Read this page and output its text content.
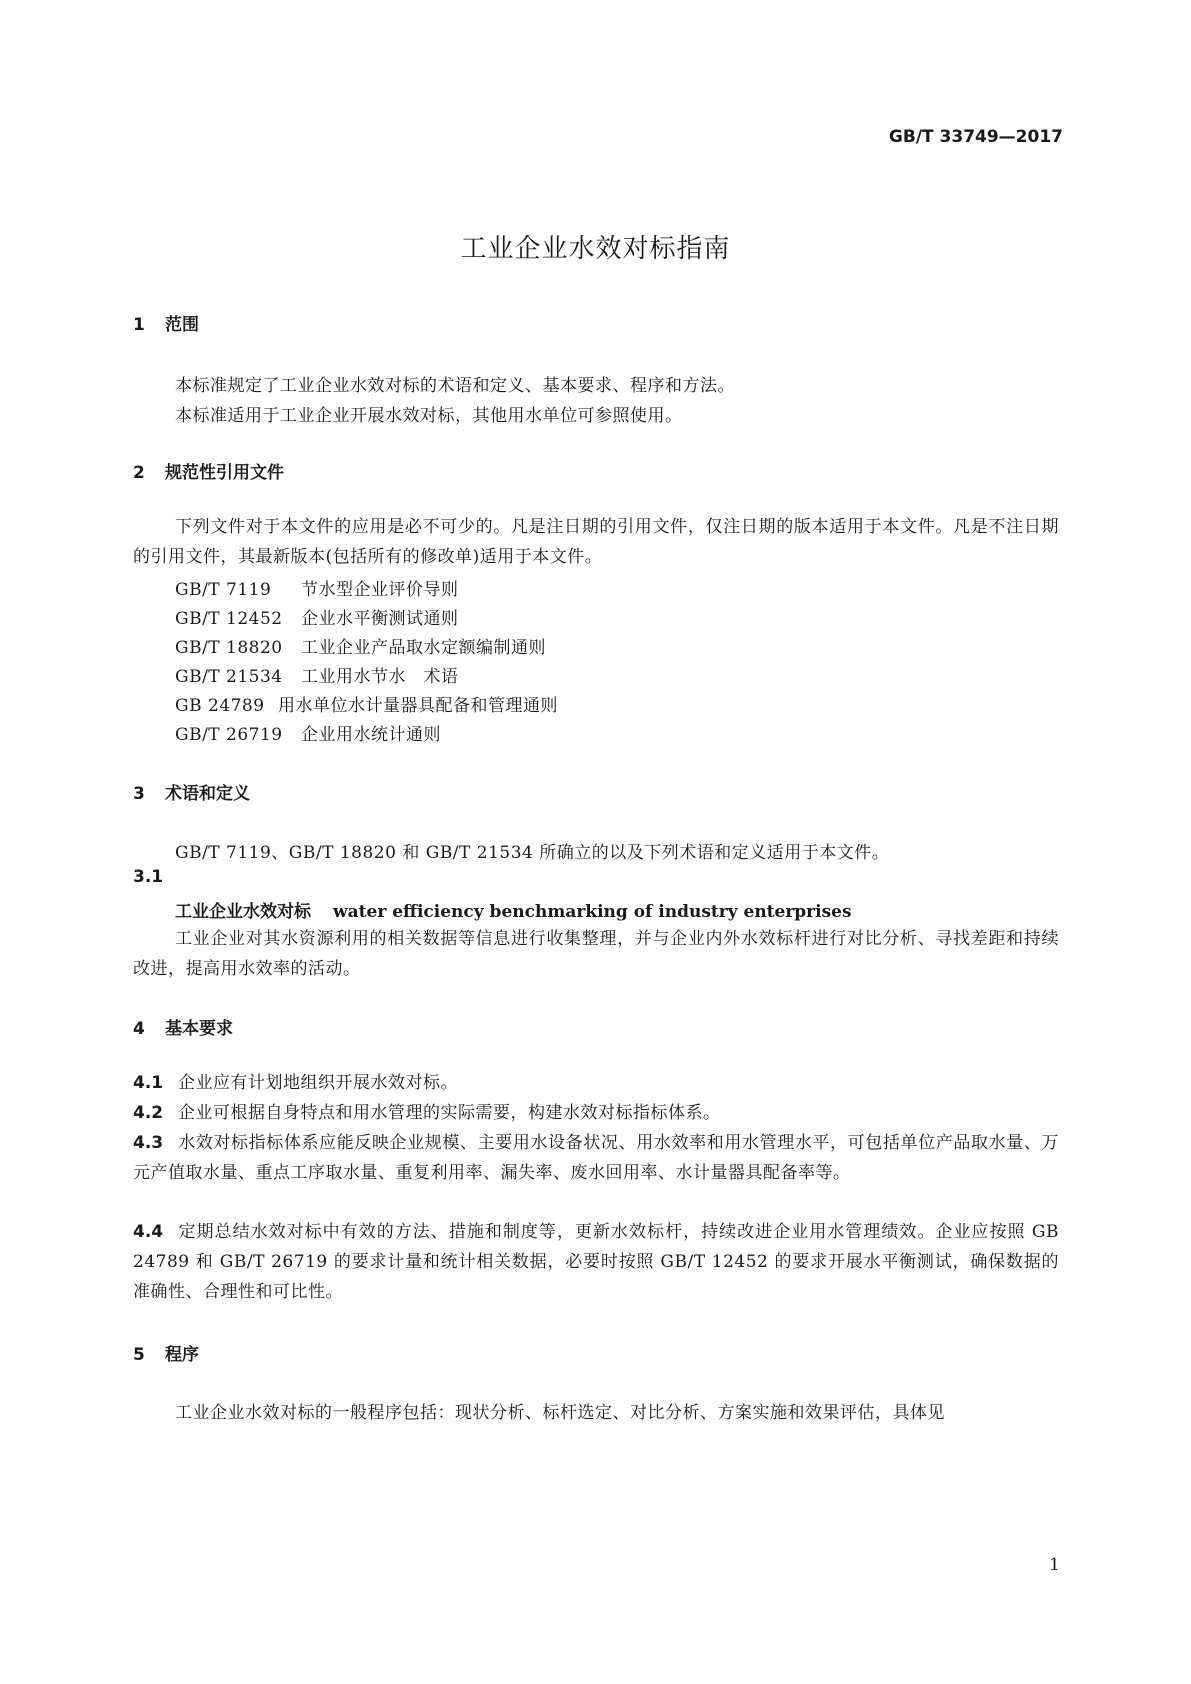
GB/T 33749—2017
工业企业水效对标指南
1 范围
本标准规定了工业企业水效对标的术语和定义、基本要求、程序和方法。
本标准适用于工业企业开展水效对标，其他用水单位可参照使用。
2 规范性引用文件
下列文件对于本文件的应用是必不可少的。凡是注日期的引用文件，仅注日期的版本适用于本文件。凡是不注日期的引用文件，其最新版本(包括所有的修改单)适用于本文件。
GB/T 7119 节水型企业评价导则
GB/T 12452 企业水平衡测试通则
GB/T 18820 工业企业产品取水定额编制通则
GB/T 21534 工业用水节水　术语
GB 24789 用水单位水计量器具配备和管理通则
GB/T 26719 企业用水统计通则
3 术语和定义
GB/T 7119、GB/T 18820 和 GB/T 21534 所确立的以及下列术语和定义适用于本文件。
3.1
工业企业水效对标 water efficiency benchmarking of industry enterprises
工业企业对其水资源利用的相关数据等信息进行收集整理，并与企业内外水效标杆进行对比分析、寻找差距和持续改进，提高用水效率的活动。
4 基本要求
4.1 企业应有计划地组织开展水效对标。
4.2 企业可根据自身特点和用水管理的实际需要，构建水效对标指标体系。
4.3 水效对标指标体系应能反映企业规模、主要用水设备状况、用水效率和用水管理水平，可包括单位产品取水量、万元产值取水量、重点工序取水量、重复利用率、漏失率、废水回用率、水计量器具配备率等。
4.4 定期总结水效对标中有效的方法、措施和制度等，更新水效标杆，持续改进企业用水管理绩效。企业应按照 GB 24789 和 GB/T 26719 的要求计量和统计相关数据，必要时按照 GB/T 12452 的要求开展水平衡测试，确保数据的准确性、合理性和可比性。
5 程序
工业企业水效对标的一般程序包括：现状分析、标杆选定、对比分析、方案实施和效果评估，具体见
1
